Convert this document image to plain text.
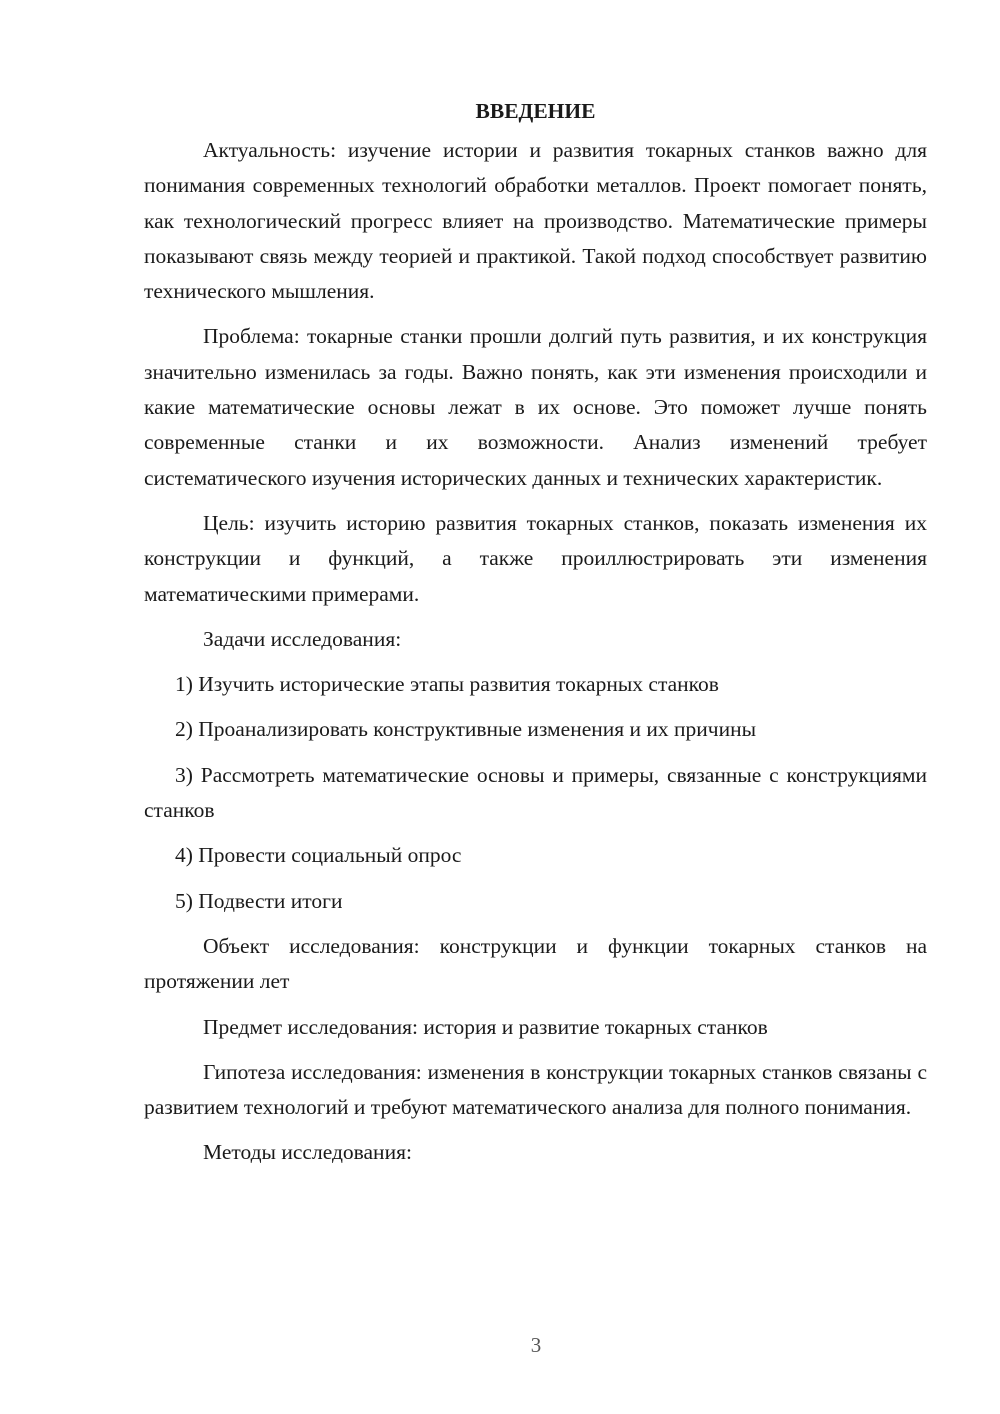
ВВЕДЕНИЕ

Актуальность: изучение истории и развития токарных станков важно для понимания современных технологий обработки металлов. Проект помогает понять, как технологический прогресс влияет на производство. Математические примеры показывают связь между теорией и практикой. Такой подход способствует развитию технического мышления.

Проблема: токарные станки прошли долгий путь развития, и их конструкция значительно изменилась за годы. Важно понять, как эти изменения происходили и какие математические основы лежат в их основе. Это поможет лучше понять современные станки и их возможности. Анализ изменений требует систематического изучения исторических данных и технических характеристик.

Цель: изучить историю развития токарных станков, показать изменения их конструкции и функций, а также проиллюстрировать эти изменения математическими примерами.

Задачи исследования:

1) Изучить исторические этапы развития токарных станков

2) Проанализировать конструктивные изменения и их причины

3) Рассмотреть математические основы и примеры, связанные с конструкциями станков

4) Провести социальный опрос

5) Подвести итоги

Объект исследования: конструкции и функции токарных станков на протяжении лет

Предмет исследования: история и развитие токарных станков

Гипотеза исследования: изменения в конструкции токарных станков связаны с развитием технологий и требуют математического анализа для полного понимания.

Методы исследования:

3
